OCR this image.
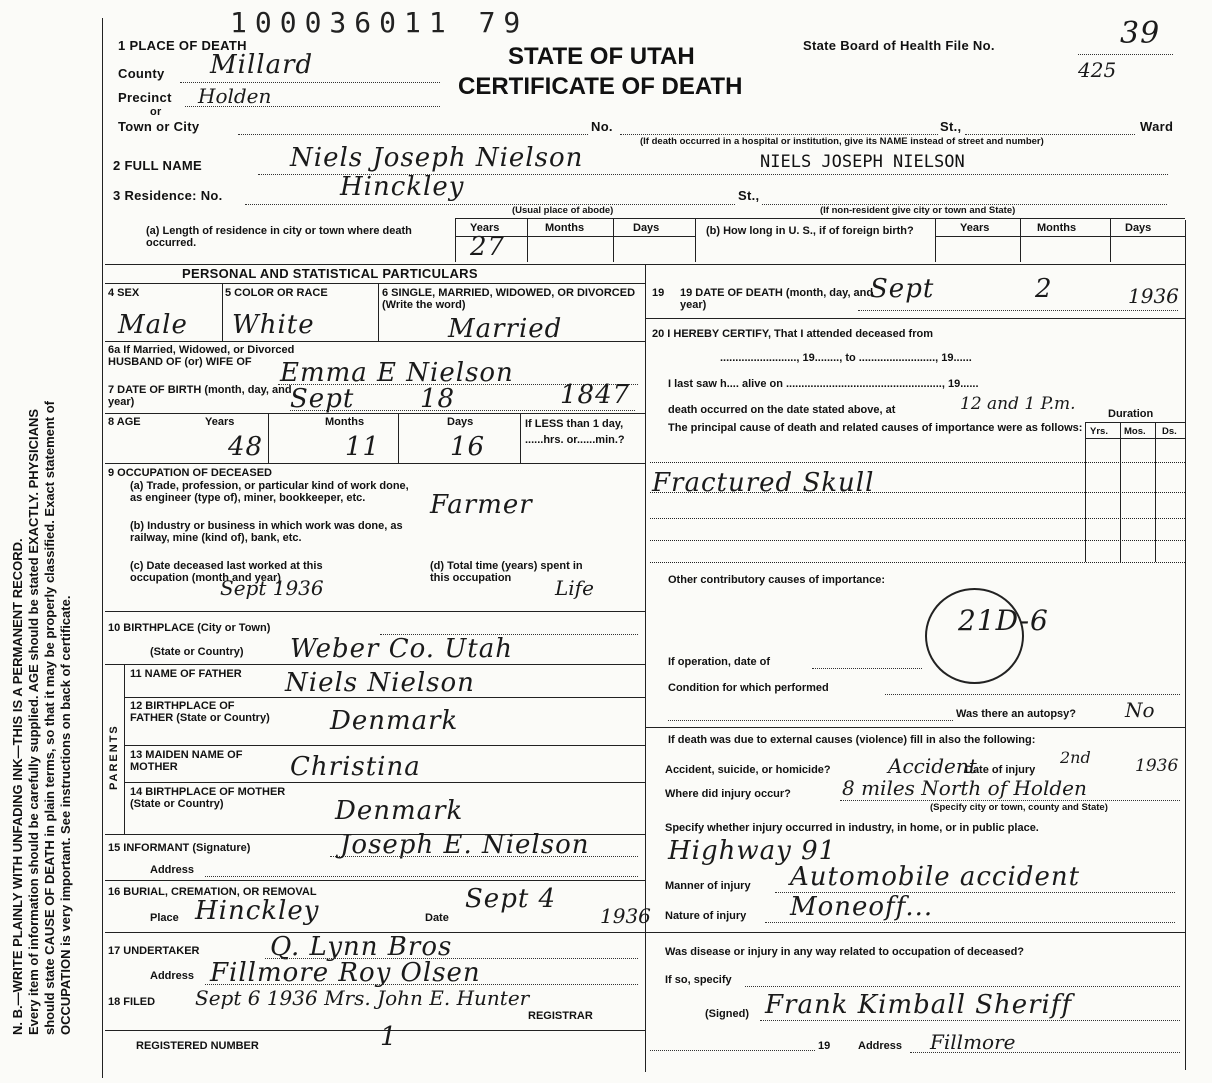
N. B.—WRITE PLAINLY WITH UNFADING INK—THIS IS A PERMANENT RECORD. Every item of information should be carefully supplied. AGE should be stated EXACTLY. PHYSICIANS should state CAUSE OF DEATH in plain terms, so that it may be properly classified. Exact statement of OCCUPATION is very important. See instructions on back of certificate.
100036011 79
STATE OF UTAH
CERTIFICATE OF DEATH
State Board of Health File No.	39
425
1 PLACE OF DEATH
County Millard
Precinct Holden
or
Town or City	No.	St.,	Ward
(If death occurred in a hospital or institution, give its NAME instead of street and number)
2 FULL NAME	Niels Joseph Nielson	NIELS JOSEPH NIELSON
3 Residence: No.	Hinckley	St.,
(Usual place of abode)	(If non-resident give city or town and State)
(a) Length of residence in city or town where death occurred.
Years	Months	Days
27
(b) How long in U. S., if of foreign birth?	Years	Months	Days
PERSONAL AND STATISTICAL PARTICULARS
4 SEX	5 COLOR OR RACE	6 SINGLE, MARRIED, WIDOWED, OR DIVORCED (Write the word)
Male White	Married
6a If Married, Widowed, or Divorced HUSBAND OF (or) WIFE OF	Emma E Nielson
7 DATE OF BIRTH (month, day, and year)	Sept	18	1847
8 AGE	Years	Months	Days	If LESS than 1 day, ......hrs. or......min.?
48	11	16
9 OCCUPATION OF DECEASED
(a) Trade, profession, or particular kind of work done, as engineer (type of), miner, bookkeeper, etc.	Farmer
(b) Industry or business in which work was done, as railway, mine (kind of), bank, etc.
(c) Date deceased last worked at this occupation (month and year)
Sept 1936
(d) Total time (years) spent in this occupation	Life
10 BIRTHPLACE (City or Town)
(State or Country) Weber Co. Utah
PARENTS
11 NAME OF FATHER	Niels Nielson
12 BIRTHPLACE OF FATHER (State or Country)	Denmark
13 MAIDEN NAME OF MOTHER	Christina
14 BIRTHPLACE OF MOTHER (State or Country)	Denmark
15 INFORMANT (Signature)	Joseph E. Nielson
Address
16 BURIAL, CREMATION, OR REMOVAL
Place Hinckley	Date
Sept 4
1936
17 UNDERTAKER	Q. Lynn Bros
Address Fillmore Roy Olsen
18 FILED Sept 6 1936 Mrs. John E. Hunter
REGISTRAR
REGISTERED NUMBER	1
19 19 DATE OF DEATH (month, day, and year)
Sept	2	1936
20 I HEREBY CERTIFY, That I attended deceased from
........................., 19........, to ........................., 19......
I last saw h.... alive on ..................................................., 19......
death occurred on the date stated above, at	12 and 1 P.m.	Duration
Yrs. Mos. Ds.
The principal cause of death and related causes of importance were as follows:
Fractured Skull
Other contributory causes of importance:
21D-6
If operation, date of
Condition for which performed
Was there an autopsy? No
If death was due to external causes (violence) fill in also the following:
Accident, suicide, or homicide?	Accident
Date of injury
2nd	1936
Where did injury occur?	8 miles North of Holden
(Specify city or town, county and State)
Specify whether injury occurred in industry, in home, or in public place.
Highway 91
Manner of injury Automobile accident
Nature of injury Moneoff...
Was disease or injury in any way related to occupation of deceased?
If so, specify
(Signed) Frank Kimball Sheriff
19	Address Fillmore
